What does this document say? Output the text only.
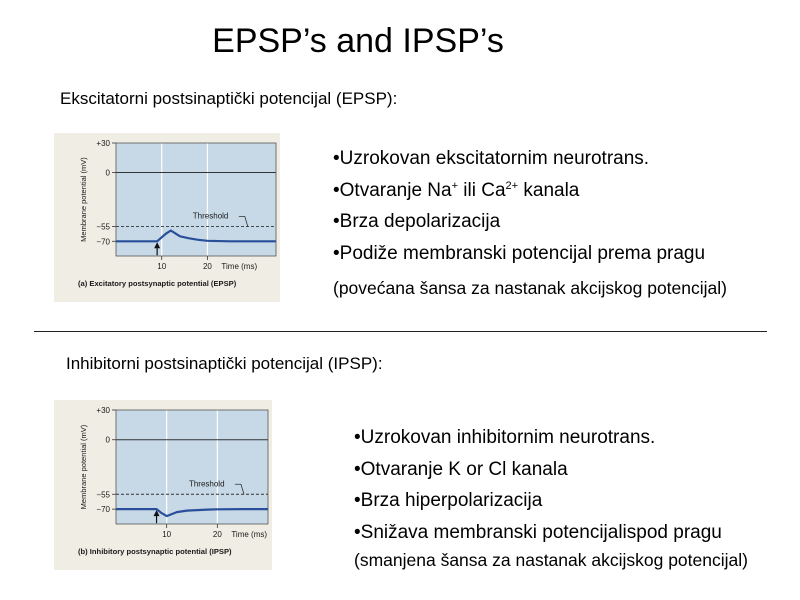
EPSP’s and IPSP’s
Ekscitatorni postsinaptički potencijal (EPSP):
Threshold
+30
0
−55
−70
10	20 Time (ms)
Membrane potential (mV)
(a) Excitatory postsynaptic potential (EPSP)
•Uzrokovan ekscitatornim neurotrans.
•Otvaranje Na+ ili $Ca^{2+}$ kanala
•Brza depolarizacija
•Podiže membranski potencijal prema pragu
(povećana šansa za nastanak akcijskog potencijal)
Inhibitorni postsinaptički potencijal (IPSP):
Threshold
+30
0
−55
−70
10	20 Time (ms)
Membrane potential (mV)
(b) Inhibitory postsynaptic potential (IPSP)
•Uzrokovan inhibitornim neurotrans.
•Otvaranje K or Cl kanala
•Brza hiperpolarizacija
•Snižava membranski potencijalispod pragu
(smanjena šansa za nastanak akcijskog potencijal)
